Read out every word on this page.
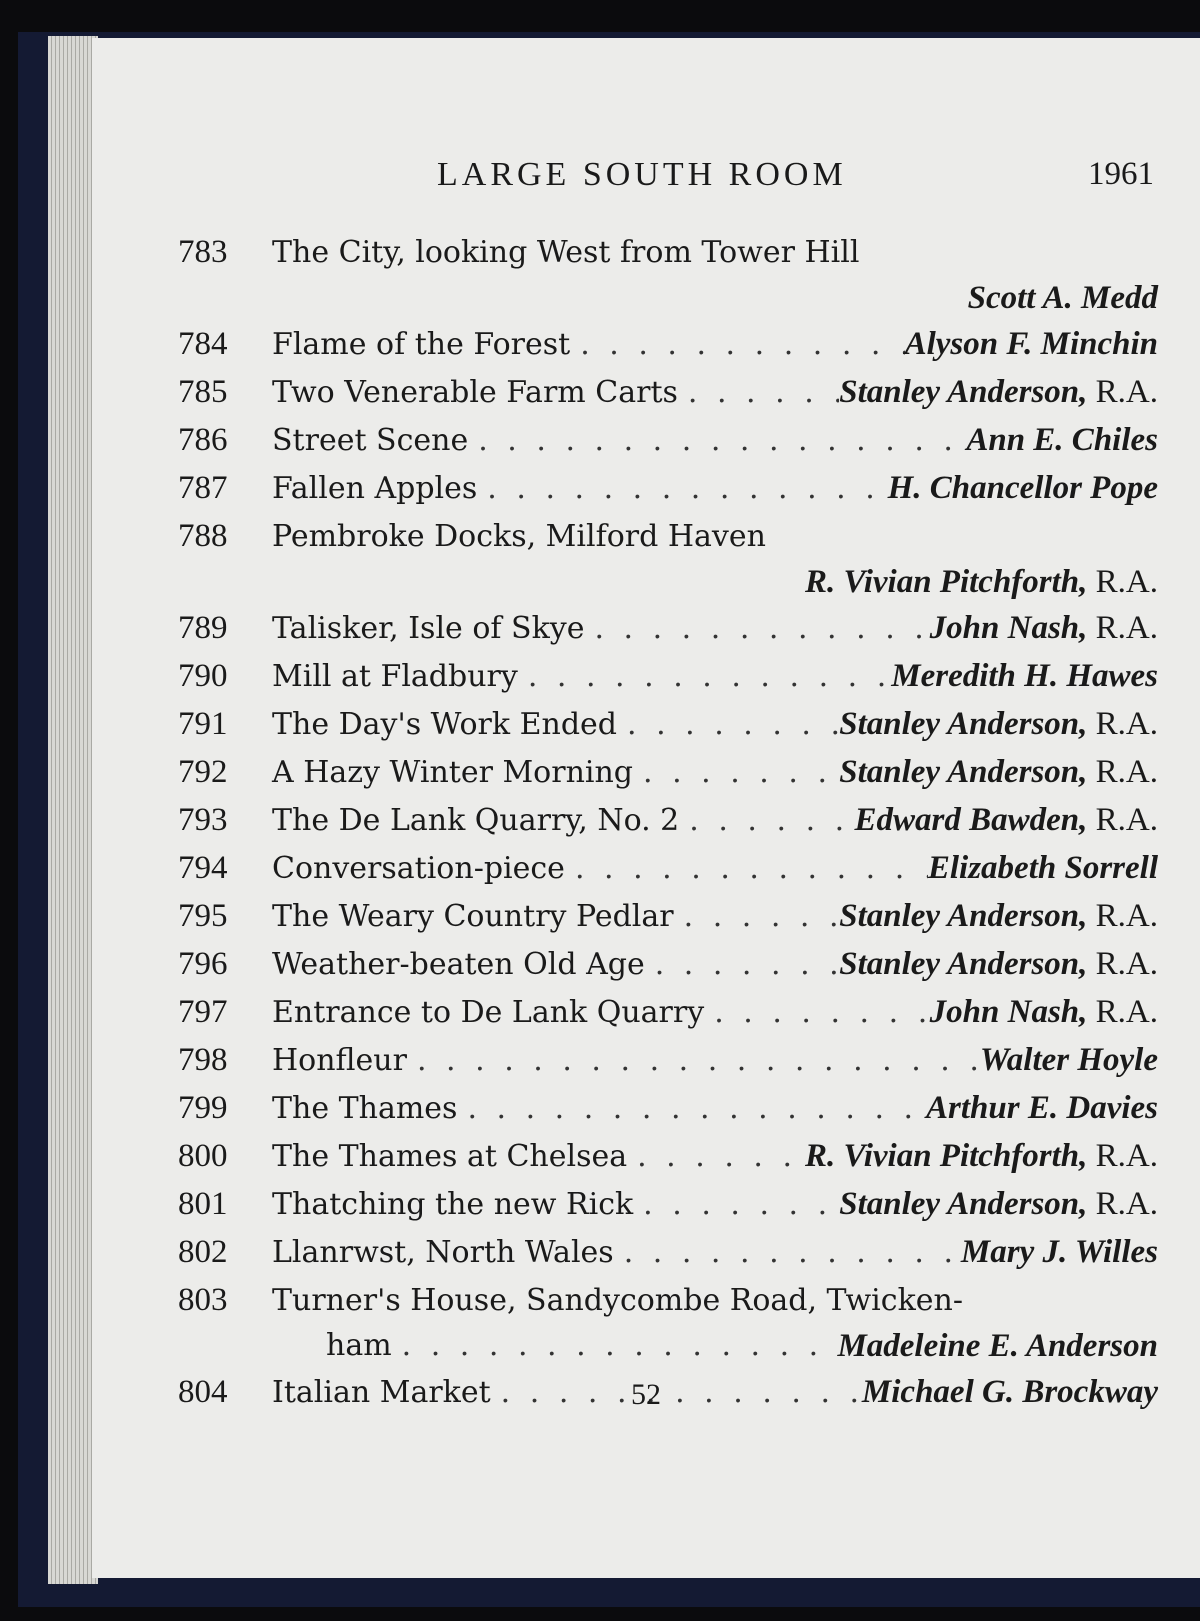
LARGE SOUTH ROOM	1961
783	The City, looking West from Tower Hill
Scott A. Medd
784	Flame of the Forest . . .	Alyson F. Minchin
785	Two Venerable Farm Carts . . .	Stanley Anderson, R.A.
786	Street Scene . . .	Ann E. Chiles
787	Fallen Apples . . .	H. Chancellor Pope
788	Pembroke Docks, Milford Haven
R. Vivian Pitchforth, R.A.
789	Talisker, Isle of Skye . . .	John Nash, R.A.
790	Mill at Fladbury . . .	Meredith H. Hawes
791	The Day's Work Ended . . .	Stanley Anderson, R.A.
792	A Hazy Winter Morning . . .	Stanley Anderson, R.A.
793	The De Lank Quarry, No. 2 . . .	Edward Bawden, R.A.
794	Conversation-piece . . .	Elizabeth Sorrell
795	The Weary Country Pedlar . . .	Stanley Anderson, R.A.
796	Weather-beaten Old Age . . .	Stanley Anderson, R.A.
797	Entrance to De Lank Quarry . . .	John Nash, R.A.
798	Honfleur . . .	Walter Hoyle
799	The Thames . . .	Arthur E. Davies
800	The Thames at Chelsea . . .	R. Vivian Pitchforth, R.A.
801	Thatching the new Rick . . .	Stanley Anderson, R.A.
802	Llanrwst, North Wales . . .	Mary J. Willes
803	Turner's House, Sandycombe Road, Twicken-
ham . . .	Madeleine E. Anderson
804	Italian Market . . .	Michael G. Brockway
52
